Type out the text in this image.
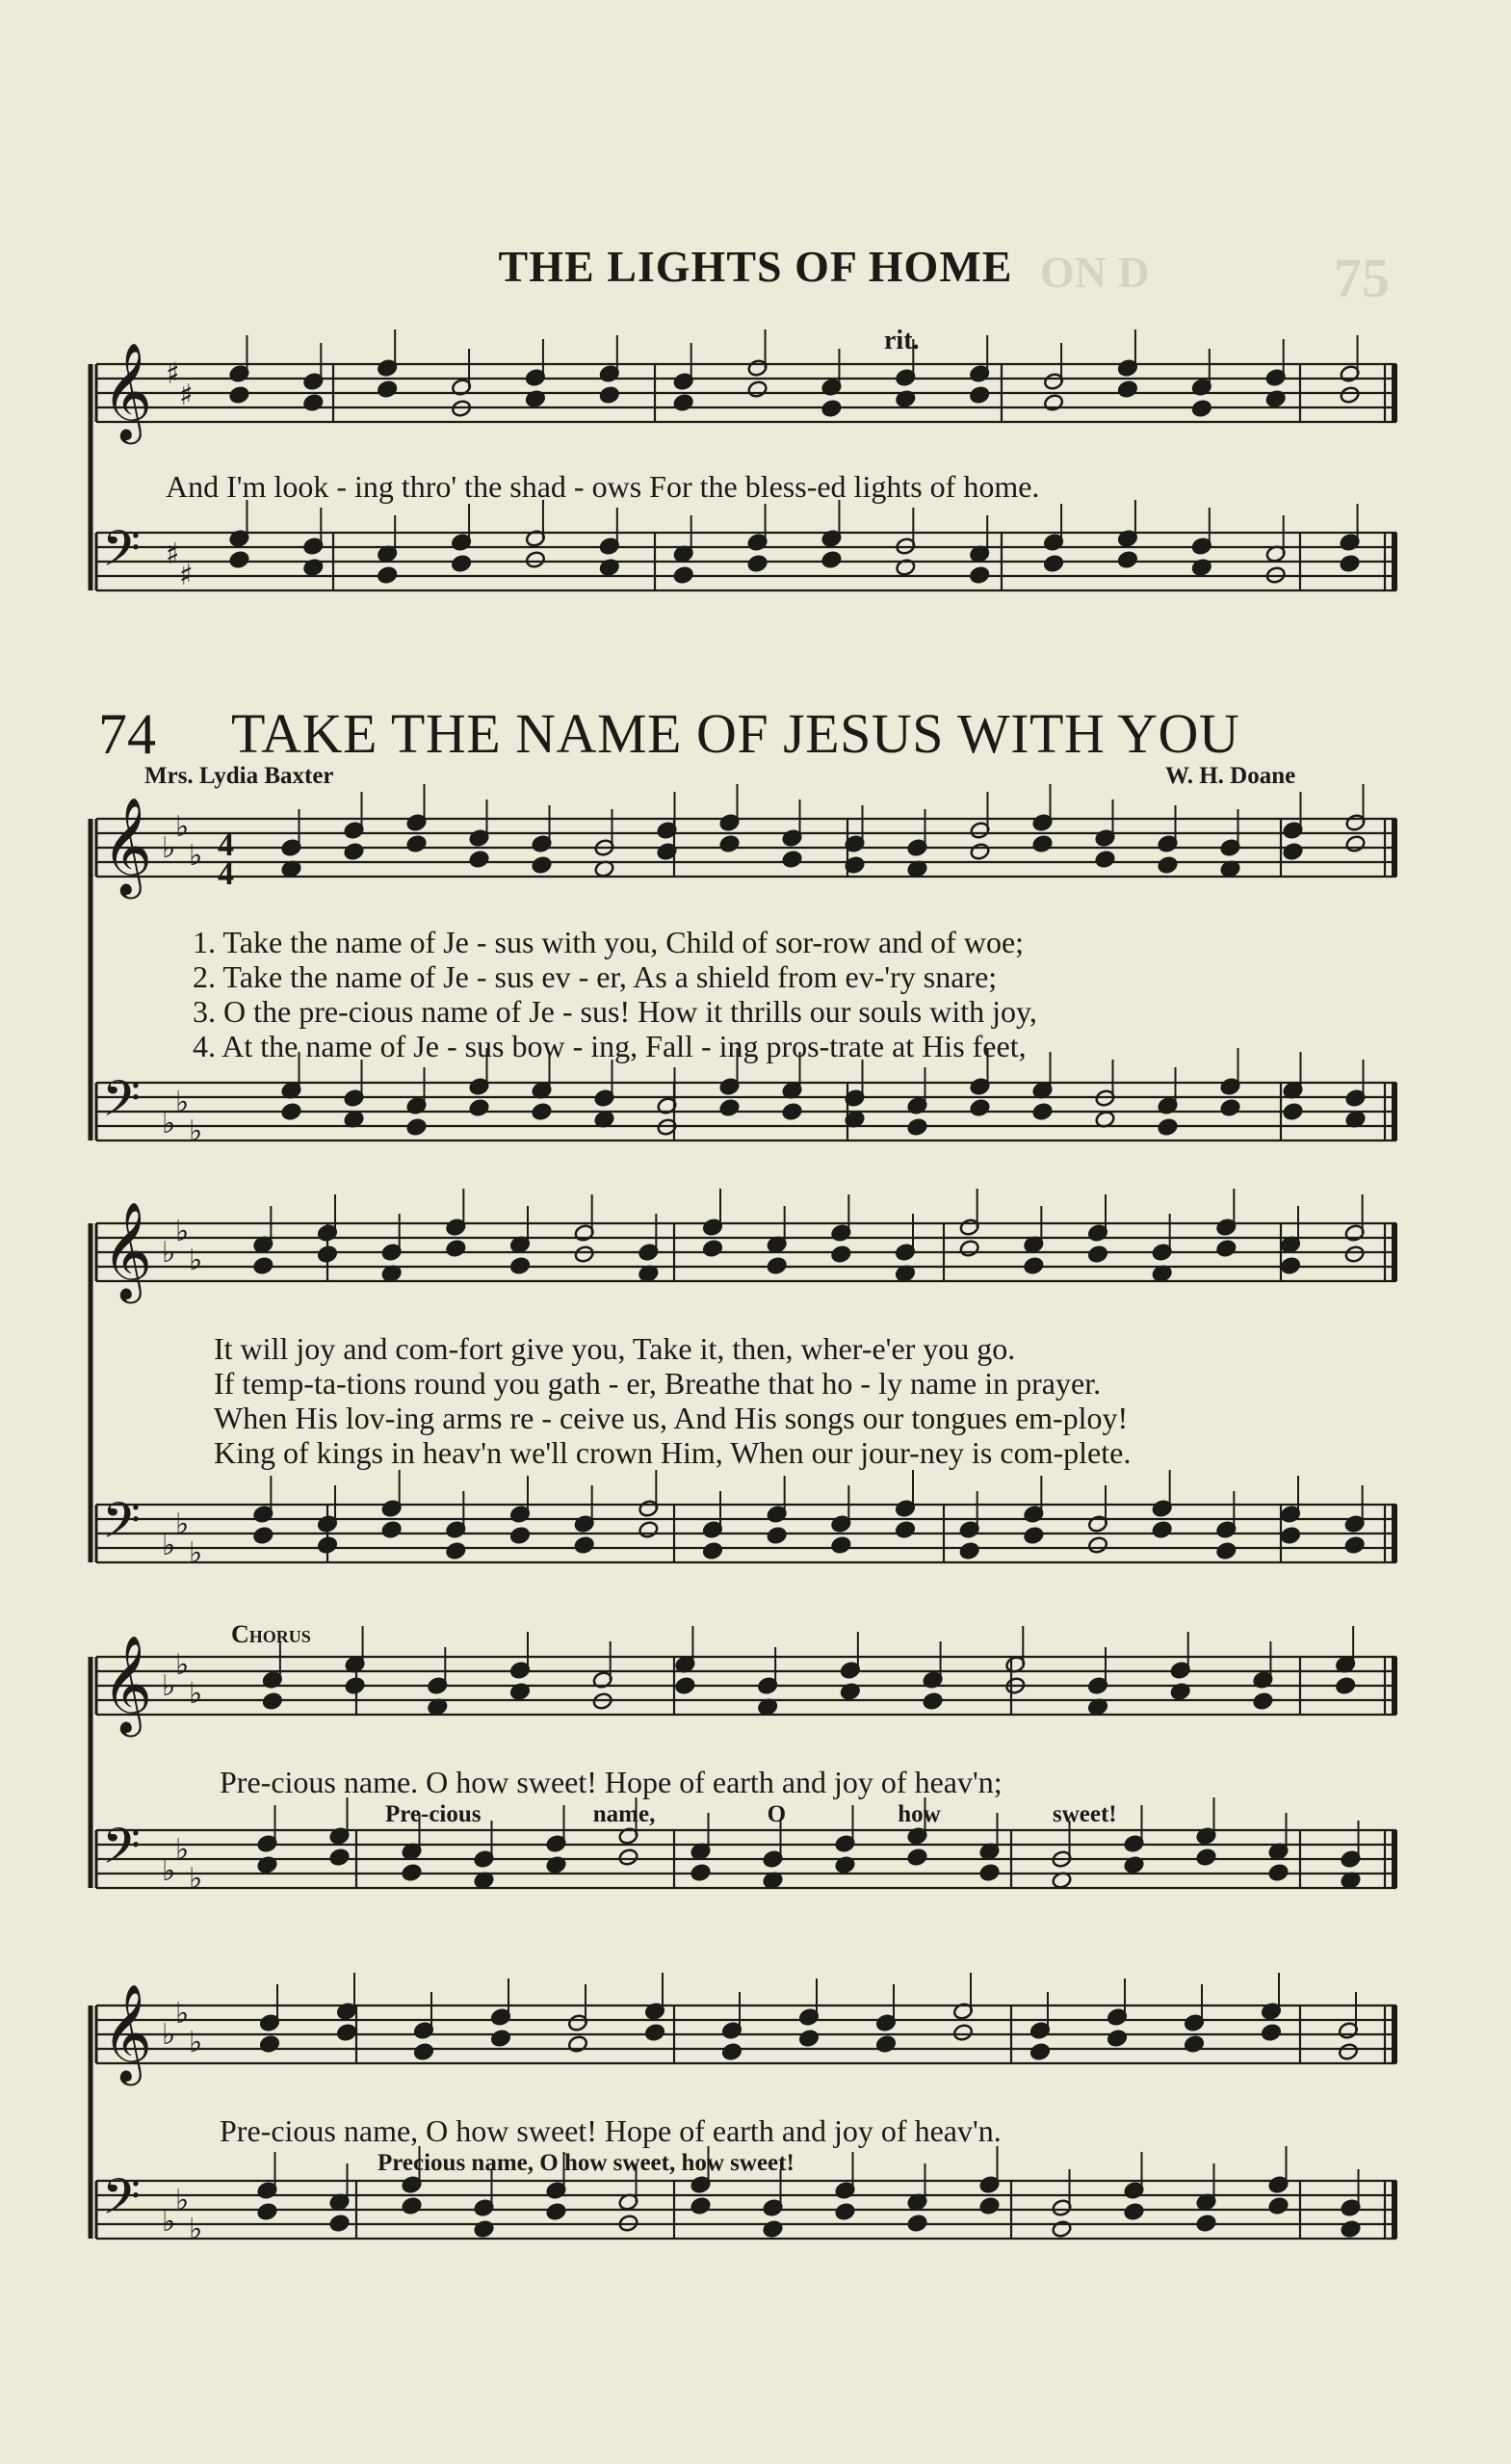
75
ON D
THE LIGHTS OF HOME
rit.
And I'm look - ing thro' the shad - ows For the bless-ed lights of home.
74 TAKE THE NAME OF JESUS WITH YOU
Mrs. Lydia Baxter	W. H. Doane
1. Take the name of Je - sus with you, Child of sor-row and of woe;
2. Take the name of Je - sus ev - er, As a shield from ev-'ry snare;
3. O the pre-cious name of Je - sus! How it thrills our souls with joy,
4. At the name of Je - sus bow - ing, Fall - ing pros-trate at His feet,
It will joy and com-fort give you, Take it, then, wher-e'er you go.
If temp-ta-tions round you gath - er, Breathe that ho - ly name in prayer.
When His lov-ing arms re - ceive us, And His songs our tongues em-ploy!
King of kings in heav'n we'll crown Him, When our jour-ney is com-plete.
Chorus
Pre-cious name. O how sweet! Hope of earth and joy of heav'n;
Pre-cious name, O how sweet!
Pre-cious name, O how sweet! Hope of earth and joy of heav'n.
Precious name, O how sweet, how sweet!
𝄞
𝄢
♯
♯
♯
♯
𝄞
𝄢
♭
♭
♭
♭
♭
♭
4
4
𝄞
𝄢
♭
♭
♭
♭
♭
♭
𝄞
𝄢
♭
♭
♭
♭
♭
♭
𝄞
𝄢
♭
♭
♭
♭
♭
♭
